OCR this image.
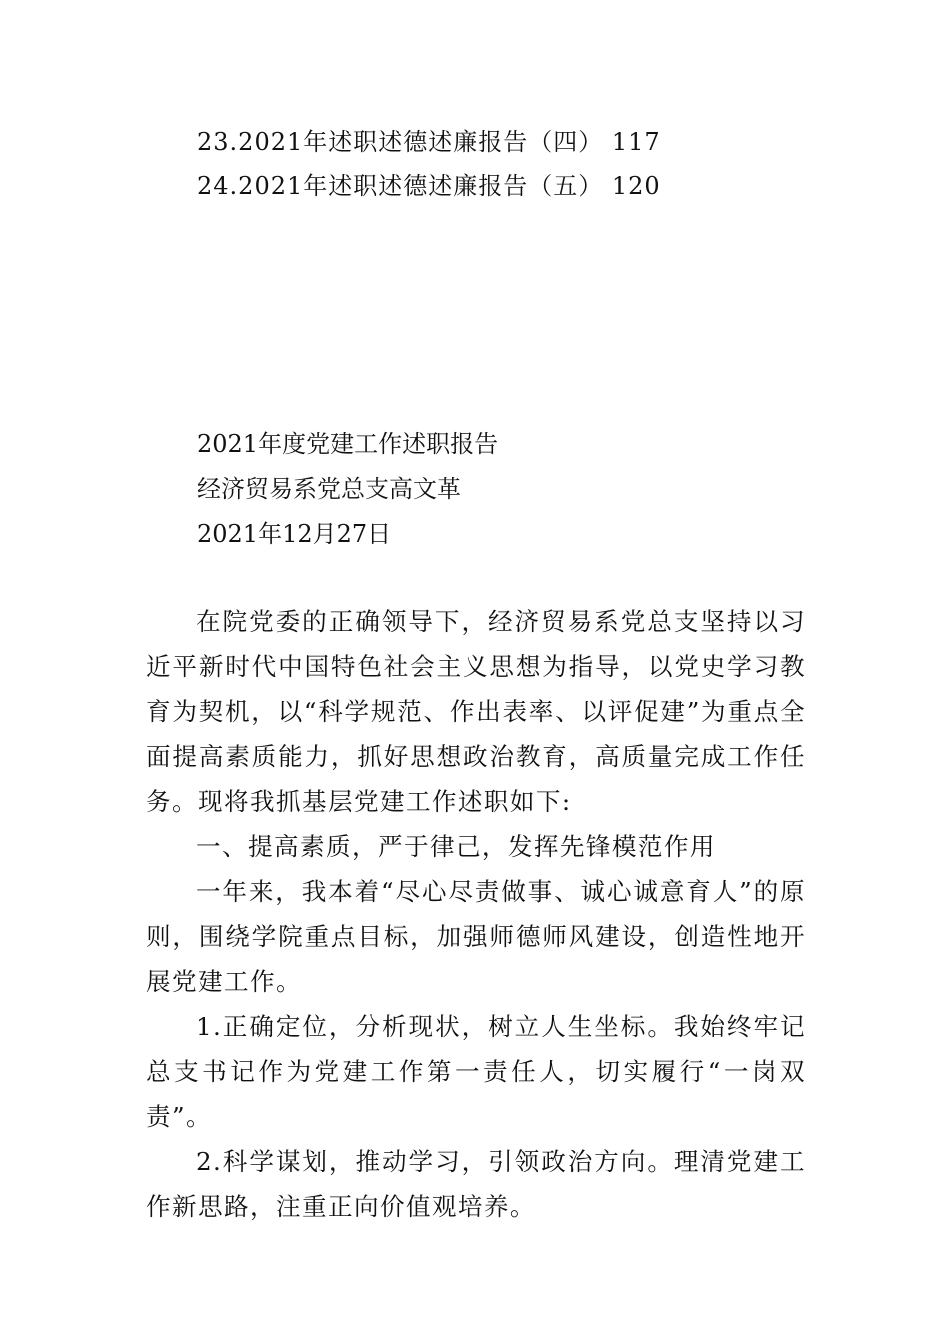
23.2021年述职述德述廉报告（四） 117
24.2021年述职述德述廉报告（五） 120
2021年度党建工作述职报告
经济贸易系党总支高文革
2021年12月27日

在院党委的正确领导下，经济贸易系党总支坚持以习近平新时代中国特色社会主义思想为指导，以党史学习教育为契机，以“科学规范、作出表率、以评促建”为重点全面提高素质能力，抓好思想政治教育，高质量完成工作任务。现将我抓基层党建工作述职如下:

一、提高素质，严于律己，发挥先锋模范作用

一年来，我本着“尽心尽责做事、诚心诚意育人”的原则，围绕学院重点目标，加强师德师风建设，创造性地开展党建工作。

1.正确定位，分析现状，树立人生坐标。我始终牢记总支书记作为党建工作第一责任人，切实履行“一岗双责”。

2.科学谋划，推动学习，引领政治方向。理清党建工作新思路，注重正向价值观培养。
